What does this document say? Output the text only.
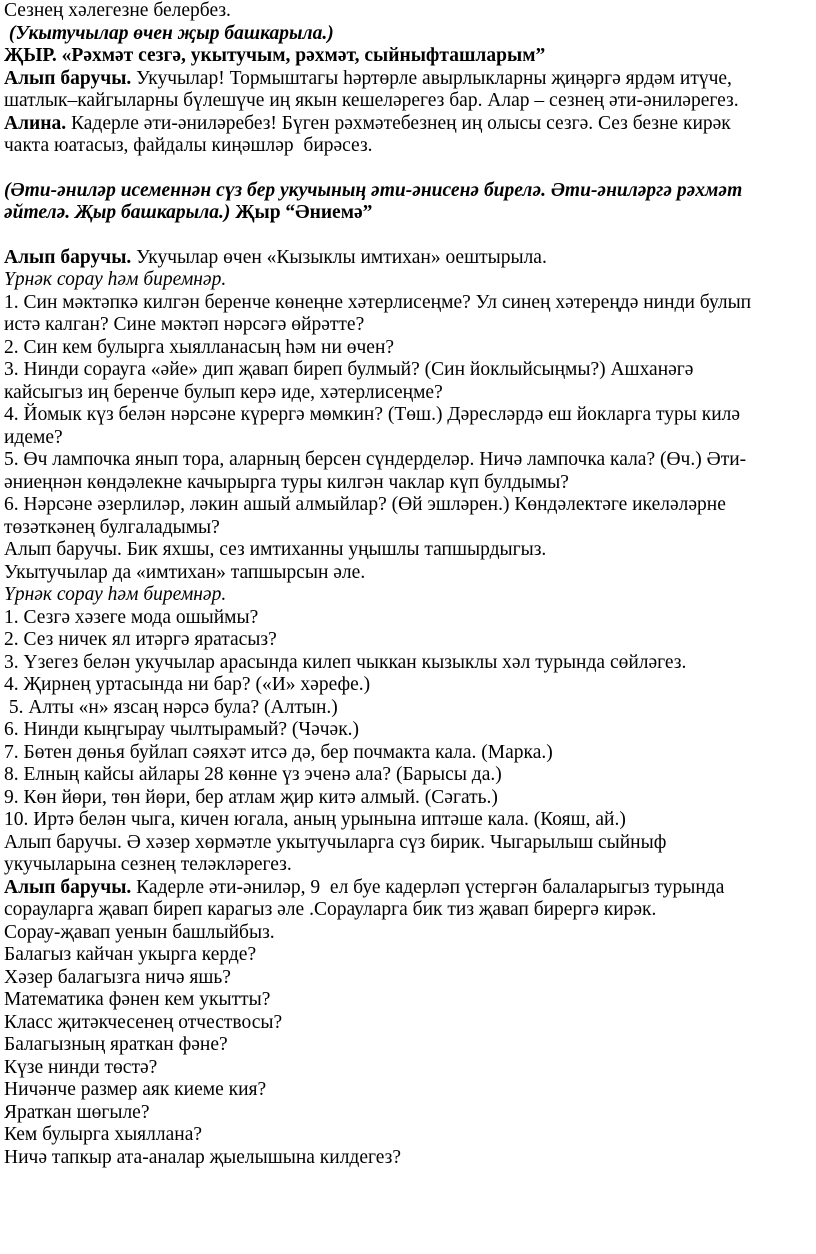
Сезнең хәлегезне белербез.

(Укытучылар өчен җыр башкарыла.)

ҖЫР. «Рәхмәт сезгә, укытучым, рәхмәт, сыйныфташларым”

Алып баручы. Укучылар! Тормыштагы һәртөрле авырлыкларны җиңәргә ярдәм итүче,

шатлык–кайгыларны бүлешүче иң якын кешеләрегез бар. Алар – сезнең әти-әниләрегез.

Алина. Кадерле әти-әниләребез! Бүген рәхмәтебезнең иң олысы сезгә. Сез безне кирәк

чакта юатасыз, файдалы киңәшләр  бирәсез.

(Әти-әниләр исеменнән сүз бер укучының әти-әнисенә бирелә. Әти-әниләргә рәхмәт

әйтелә. Җыр башкарыла.) Җыр “Әниемә”

Алып баручы. Укучылар өчен «Кызыклы имтихан» оештырыла.

Үрнәк сорау һәм биремнәр.

1. Син мәктәпкә килгән беренче көнеңне хәтерлисеңме? Ул синең хәтереңдә нинди булып

истә калган? Сине мәктәп нәрсәгә өйрәтте?

2. Син кем булырга хыялланасың һәм ни өчен?

3. Нинди сорауга «әйе» дип җавап биреп булмый? (Син йоклыйсыңмы?) Ашханәгә

кайсыгыз иң беренче булып керә иде, хәтерлисеңме?

4. Йомык күз белән нәрсәне күрергә мөмкин? (Төш.) Дәресләрдә еш йокларга туры килә

идеме?

5. Өч лампочка янып тора, аларның берсен сүндерделәр. Ничә лампочка кала? (Өч.) Әти-

әниеңнән көндәлекне качырырга туры килгән чаклар күп булдымы?

6. Нәрсәне әзерлиләр, ләкин ашый алмыйлар? (Өй эшләрен.) Көндәлектәге икеләләрне

төзәткәнең булгаладымы?

Алып баручы. Бик яхшы, сез имтиханны уңышлы тапшырдыгыз.

Укытучылар да «имтихан» тапшырсын әле.

Үрнәк сорау һәм биремнәр.

1. Сезгә хәзеге мода ошыймы?

2. Сез ничек ял итәргә яратасыз?

3. Үзегез белән укучылар арасында килеп чыккан кызыклы хәл турында сөйләгез.

4. Җирнең уртасында ни бар? («И» хәрефе.)

5. Алты «н» язсаң нәрсә була? (Алтын.)

6. Нинди кыңгырау чылтырамый? (Чәчәк.)

7. Бөтен дөнья буйлап сәяхәт итсә дә, бер почмакта кала. (Марка.)

8. Елның кайсы айлары 28 көнне үз эченә ала? (Барысы да.)

9. Көн йөри, төн йөри, бер атлам җир китә алмый. (Сәгать.)

10. Иртә белән чыга, кичен югала, аның урынына иптәше кала. (Кояш, ай.)

Алып баручы. Ә хәзер хөрмәтле укытучыларга сүз бирик. Чыгарылыш сыйныф

укучыларына сезнең теләкләрегез.

Алып баручы. Кадерле әти-әниләр, 9  ел буе кадерләп үстергән балаларыгыз турында

сорауларга җавап биреп карагыз әле .Сорауларга бик тиз җавап бирергә кирәк.

Сорау-җавап уенын башлыйбыз.

Балагыз кайчан укырга керде?

Хәзер балагызга ничә яшь?

Математика фәнен кем укытты?

Класс җитәкчесенең отчествосы?

Балагызның яраткан фәне?

Күзе нинди төстә?

Ничәнче размер аяк киеме кия?

Яраткан шөгыле?

Кем булырга хыяллана?

Ничә тапкыр ата-аналар җыелышына килдегез?
